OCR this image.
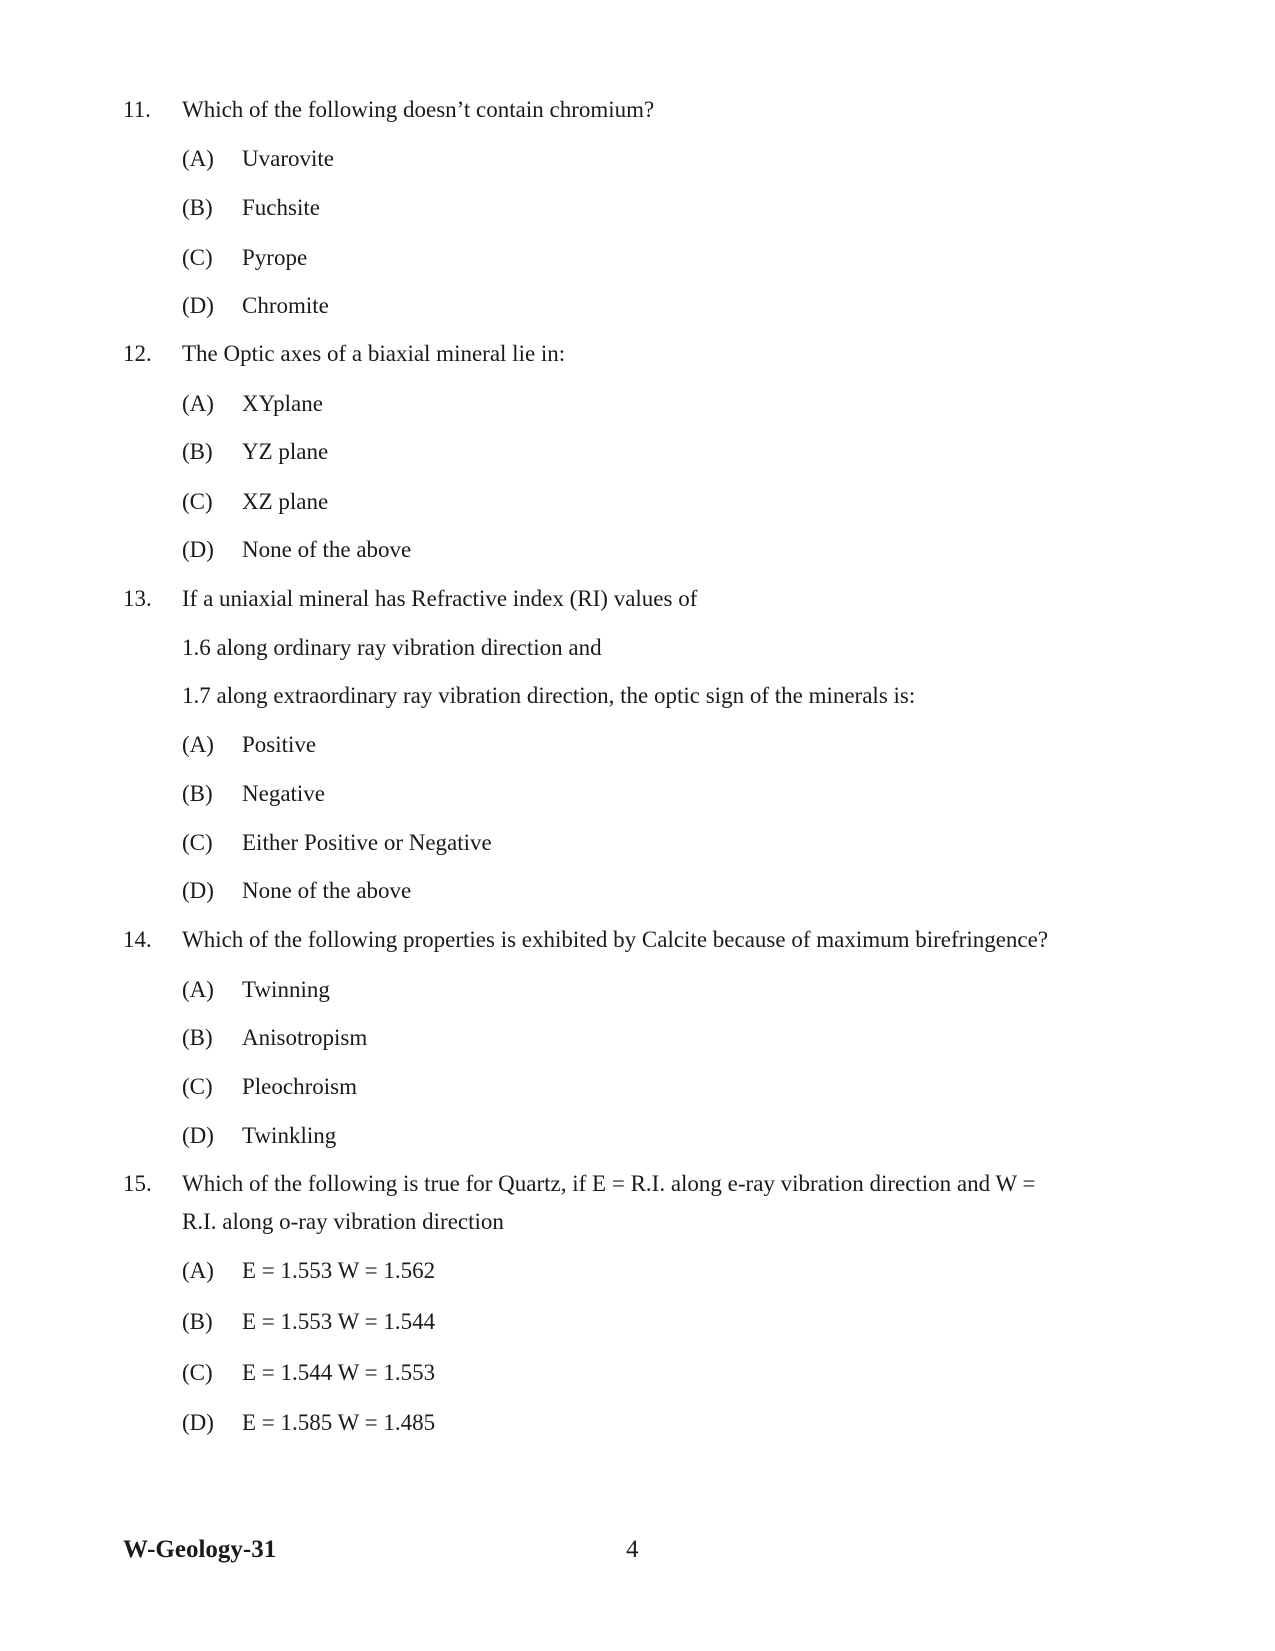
11. Which of the following doesn’t contain chromium?
(A) Uvarovite
(B) Fuchsite
(C) Pyrope
(D) Chromite
12. The Optic axes of a biaxial mineral lie in:
(A) XYplane
(B) YZ plane
(C) XZ plane
(D) None of the above
13. If a uniaxial mineral has Refractive index (RI) values of
1.6 along ordinary ray vibration direction and
1.7 along extraordinary ray vibration direction, the optic sign of the minerals is:
(A) Positive
(B) Negative
(C) Either Positive or Negative
(D) None of the above
14. Which of the following properties is exhibited by Calcite because of maximum birefringence?
(A) Twinning
(B) Anisotropism
(C) Pleochroism
(D) Twinkling
15. Which of the following is true for Quartz, if E = R.I. along e-ray vibration direction and W =
R.I. along o-ray vibration direction
(A) E = 1.553 W = 1.562
(B) E = 1.553 W = 1.544
(C) E = 1.544 W = 1.553
(D) E = 1.585 W = 1.485
W-Geology-31	4
